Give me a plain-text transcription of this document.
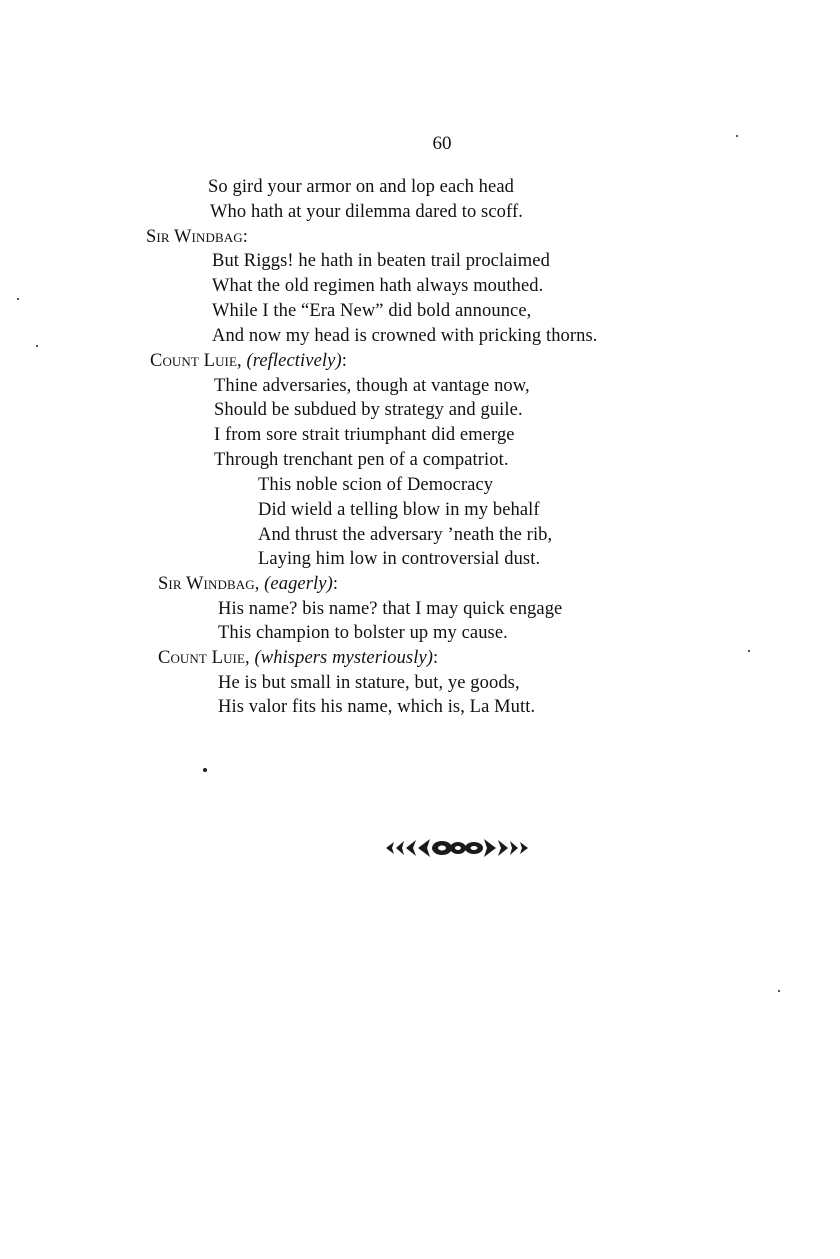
60
So gird your armor on and lop each head
Who hath at your dilemma dared to scoff.
Sir Windbag:
But Riggs! he hath in beaten trail proclaimed
What the old regimen hath always mouthed.
While I the “Era New” did bold announce,
And now my head is crowned with pricking thorns.
Count Luie, (reflectively):
Thine adversaries, though at vantage now,
Should be subdued by strategy and guile.
I from sore strait triumphant did emerge
Through trenchant pen of a compatriot.
This noble scion of Democracy
Did wield a telling blow in my behalf
And thrust the adversary ’neath the rib,
Laying him low in controversial dust.
Sir Windbag, (eagerly):
His name? bis name? that I may quick engage
This champion to bolster up my cause.
Count Luie, (whispers mysteriously):
He is but small in stature, but, ye goods,
His valor fits his name, which is, La Mutt.
